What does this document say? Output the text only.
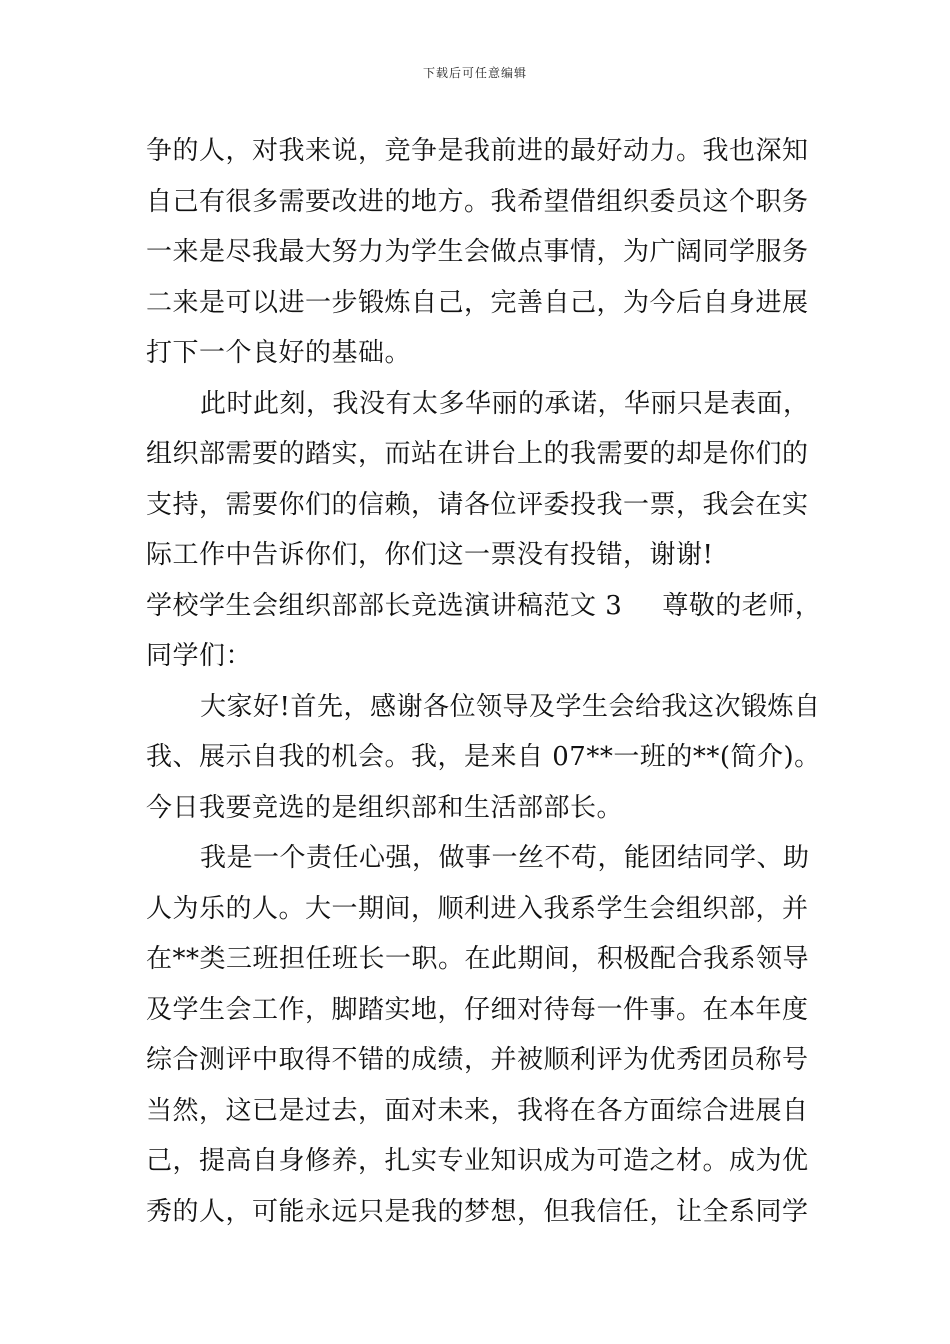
下载后可任意编辑
争的人，对我来说，竞争是我前进的最好动力。我也深知
自己有很多需要改进的地方。我希望借组织委员这个职务
一来是尽我最大努力为学生会做点事情，为广阔同学服务
二来是可以进一步锻炼自己，完善自己，为今后自身进展
打下一个良好的基础。
此时此刻，我没有太多华丽的承诺，华丽只是表面，
组织部需要的踏实，而站在讲台上的我需要的却是你们的
支持，需要你们的信赖，请各位评委投我一票，我会在实
际工作中告诉你们，你们这一票没有投错，谢谢!
学校学生会组织部部长竞选演讲稿范文 3 尊敬的老师，
同学们：
大家好!首先，感谢各位领导及学生会给我这次锻炼自
我、展示自我的机会。我，是来自 07**一班的**(简介)。
今日我要竞选的是组织部和生活部部长。
我是一个责任心强，做事一丝不苟，能团结同学、助
人为乐的人。大一期间，顺利进入我系学生会组织部，并
在**类三班担任班长一职。在此期间，积极配合我系领导
及学生会工作，脚踏实地，仔细对待每一件事。在本年度
综合测评中取得不错的成绩，并被顺利评为优秀团员称号
当然，这已是过去，面对未来，我将在各方面综合进展自
己，提高自身修养，扎实专业知识成为可造之材。成为优
秀的人，可能永远只是我的梦想，但我信任，让全系同学
